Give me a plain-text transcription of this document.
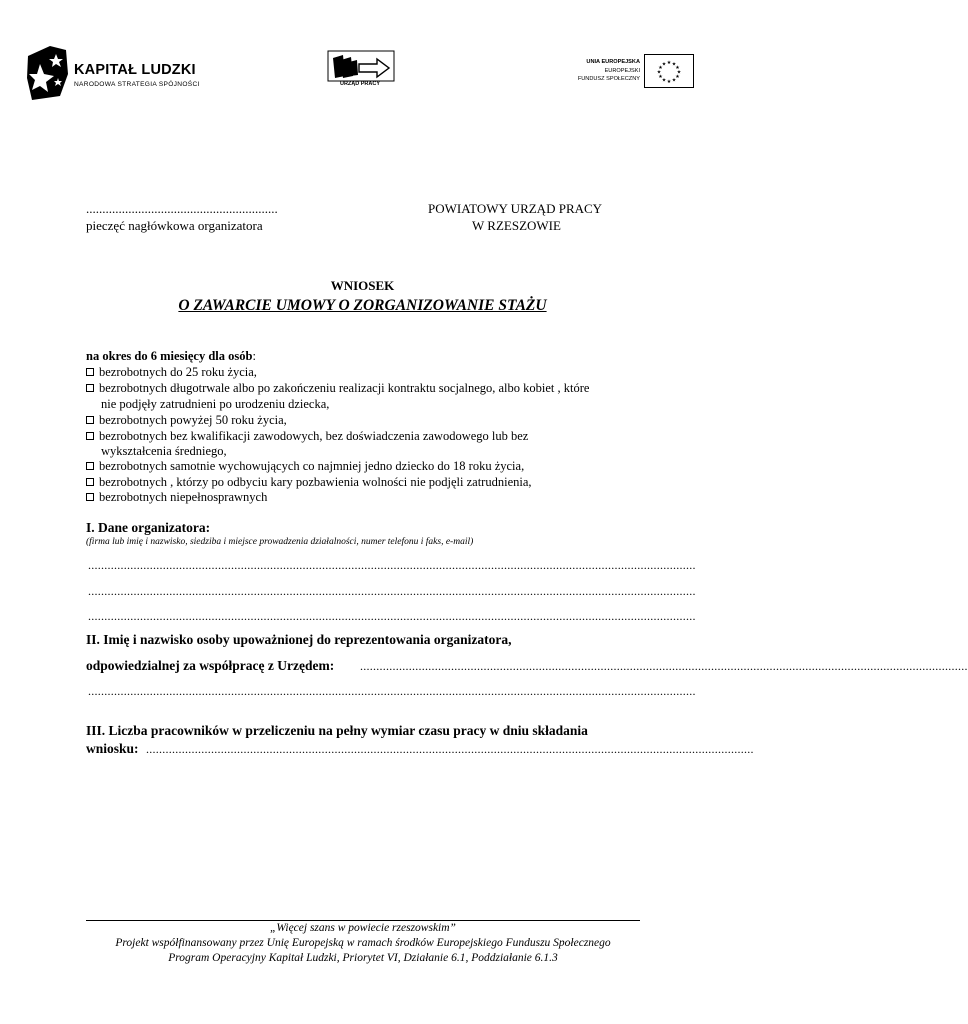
KAPITAŁ LUDZKI
NARODOWA STRATEGIA SPÓJNOŚCI	URZĄD PRACY
UNIA EUROPEJSKA
EUROPEJSKI
FUNDUSZ SPOŁECZNY
★ ★
★
★
★
★
★
★
★
★
★
★
...........................................................
pieczęć nagłówkowa organizatora
POWIATOWY URZĄD PRACY
W RZESZOWIE
WNIOSEK
O ZAWARCIE UMOWY O ZORGANIZOWANIE STAŻU
na okres do 6 miesięcy dla osób:
bezrobotnych do 25 roku życia,
bezrobotnych długotrwale albo po zakończeniu realizacji kontraktu socjalnego, albo kobiet , które
nie podjęły zatrudnieni po urodzeniu dziecka,
bezrobotnych powyżej 50 roku życia,
bezrobotnych bez kwalifikacji zawodowych, bez doświadczenia zawodowego lub bez
wykształcenia średniego,
bezrobotnych samotnie wychowujących co najmniej jedno dziecko do 18 roku życia,
bezrobotnych , którzy po odbyciu kary pozbawienia wolności nie podjęli zatrudnienia,
bezrobotnych niepełnosprawnych
I. Dane organizatora:
(firma lub imię i nazwisko, siedziba i miejsce prowadzenia działalności, numer telefonu i faks, e-mail)
...........................................................................................................................................................................................
...........................................................................................................................................................................................
...........................................................................................................................................................................................
II. Imię i nazwisko osoby upoważnionej do reprezentowania organizatora,
odpowiedzialnej za współpracę z Urzędem: ...........................................................................................................................................................................................
...........................................................................................................................................................................................
III. Liczba pracowników w przeliczeniu na pełny wymiar czasu pracy w dniu składania
wniosku: ...........................................................................................................................................................................................
„Więcej szans w powiecie rzeszowskim”
Projekt współfinansowany przez Unię Europejską w ramach środków Europejskiego Funduszu Społecznego
Program Operacyjny Kapitał Ludzki, Priorytet VI, Działanie 6.1, Poddziałanie 6.1.3
